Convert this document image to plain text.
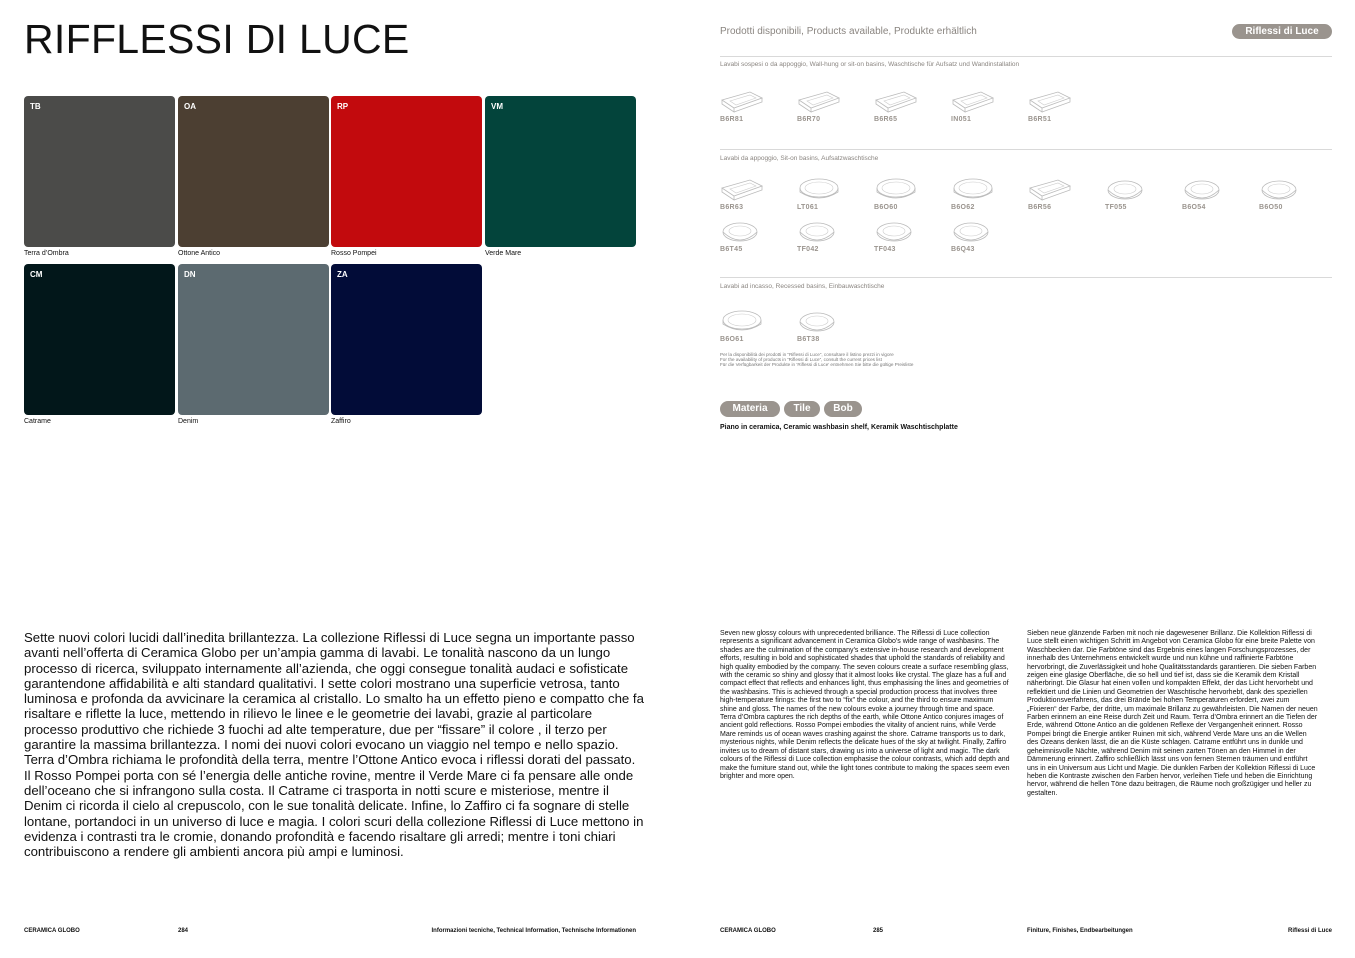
RIFFLESSI DI LUCE
TB
Terra d’Ombra
OA
Ottone Antico
RP
Rosso Pompei
VM
Verde Mare
CM
Catrame
DN
Denim
ZA
Zaffiro

Sette nuovi colori lucidi dall’inedita brillantezza. La collezione Riflessi di Luce segna un importante passo avanti nell’offerta di Ceramica Globo per un’ampia gamma di lavabi. Le tonalità nascono da un lungo processo di ricerca, sviluppato internamente all’azienda, che oggi consegue tonalità audaci e sofisticate garantendone affidabilità e alti standard qualitativi. I sette colori mostrano una superficie vetrosa, tanto luminosa e profonda da avvicinare la ceramica al cristallo. Lo smalto ha un effetto pieno e compatto che fa risaltare e riflette la luce, mettendo in rilievo le linee e le geometrie dei lavabi, grazie al particolare processo produttivo che richiede 3 fuochi ad alte temperature, due per “fissare” il colore , il terzo per garantire la massima brillantezza. I nomi dei nuovi colori evocano un viaggio nel tempo e nello spazio. Terra d’Ombra richiama le profondità della terra, mentre l’Ottone Antico evoca i riflessi dorati del passato. Il Rosso Pompei porta con sé l’energia delle antiche rovine, mentre il Verde Mare ci fa pensare alle onde dell’oceano che si infrangono sulla costa. Il Catrame ci trasporta in notti scure e misteriose, mentre il Denim ci ricorda il cielo al crepuscolo, con le sue tonalità delicate. Infine, lo Zaffiro ci fa sognare di stelle lontane, portandoci in un universo di luce e magia. I colori scuri della collezione Riflessi di Luce mettono in evidenza i contrasti tra le cromie, donando profondità e facendo risaltare gli arredi; mentre i toni chiari contribuiscono a rendere gli ambienti ancora più ampi e luminosi.

CERAMICA GLOBO	284	Informazioni tecniche, Technical Information, Technische Informationen
Prodotti disponibili, Products available, Produkte erhältlich	Riflessi di Luce
Lavabi sospesi o da appoggio, Wall-hung or sit-on basins, Waschtische für Aufsatz und Wandinstallation
B6R81	B6R70	B6R65	IN051	B6R51
Lavabi da appoggio, Sit-on basins, Aufsatzwaschtische
B6R63	LT061	B6O60	B6O62	B6R56	TF055	B6O54	B6O50
B6T45	TF042	TF043	B6Q43
Lavabi ad incasso, Recessed basins, Einbauwaschtische
B6O61	B6T38
Per la disponibilità dei prodotti in “Riflessi di Luce”, consultare il listino prezzi in vigore
For the availability of products in “Riflessi di Luce”, consult the current prices list
Für die Verfügbarkeit der Produkte in ‘Riflessi di Luce’ entnehmen Sie bitte die gültige Preisliste
Materia	Tile	Bob
Piano in ceramica, Ceramic washbasin shelf, Keramik Waschtischplatte

Seven new glossy colours with unprecedented brilliance. The Riflessi di Luce collection represents a significant advancement in Ceramica Globo’s wide range of washbasins. The shades are the culmination of the company’s extensive in-house research and development efforts, resulting in bold and sophisticated shades that uphold the standards of reliability and high quality embodied by the company. The seven colours create a surface resembling glass, with the ceramic so shiny and glossy that it almost looks like crystal. The glaze has a full and compact effect that reflects and enhances light, thus emphasising the lines and geometries of the washbasins. This is achieved through a special production process that involves three high-temperature firings: the first two to “fix” the colour, and the third to ensure maximum shine and gloss. The names of the new colours evoke a journey through time and space. Terra d’Ombra captures the rich depths of the earth, while Ottone Antico conjures images of ancient gold reflections. Rosso Pompei embodies the vitality of ancient ruins, while Verde Mare reminds us of ocean waves crashing against the shore. Catrame transports us to dark, mysterious nights, while Denim reflects the delicate hues of the sky at twilight. Finally, Zaffiro invites us to dream of distant stars, drawing us into a universe of light and magic. The dark colours of the Riflessi di Luce collection emphasise the colour contrasts, which add depth and make the furniture stand out, while the light tones contribute to making the spaces seem even brighter and more open.

Sieben neue glänzende Farben mit noch nie dagewesener Brillanz. Die Kollektion Riflessi di Luce stellt einen wichtigen Schritt im Angebot von Ceramica Globo für eine breite Palette von Waschbecken dar. Die Farbtöne sind das Ergebnis eines langen Forschungsprozesses, der innerhalb des Unternehmens entwickelt wurde und nun kühne und raffinierte Farbtöne hervorbringt, die Zuverlässigkeit und hohe Qualitätsstandards garantieren. Die sieben Farben zeigen eine glasige Oberfläche, die so hell und tief ist, dass sie die Keramik dem Kristall näherbringt. Die Glasur hat einen vollen und kompakten Effekt, der das Licht hervorhebt und reflektiert und die Linien und Geometrien der Waschtische hervorhebt, dank des speziellen Produktionsverfahrens, das drei Brände bei hohen Temperaturen erfordert, zwei zum „Fixieren“ der Farbe, der dritte, um maximale Brillanz zu gewährleisten. Die Namen der neuen Farben erinnern an eine Reise durch Zeit und Raum. Terra d’Ombra erinnert an die Tiefen der Erde, während Ottone Antico an die goldenen Reflexe der Vergangenheit erinnert. Rosso Pompei bringt die Energie antiker Ruinen mit sich, während Verde Mare uns an die Wellen des Ozeans denken lässt, die an die Küste schlagen. Catrame entführt uns in dunkle und geheimnisvolle Nächte, während Denim mit seinen zarten Tönen an den Himmel in der Dämmerung erinnert. Zaffiro schließlich lässt uns von fernen Sternen träumen und entführt uns in ein Universum aus Licht und Magie. Die dunklen Farben der Kollektion Riflessi di Luce heben die Kontraste zwischen den Farben hervor, verleihen Tiefe und heben die Einrichtung hervor, während die hellen Töne dazu beitragen, die Räume noch großzügiger und heller zu gestalten.

CERAMICA GLOBO	285	Finiture, Finishes, Endbearbeitungen	Riflessi di Luce
